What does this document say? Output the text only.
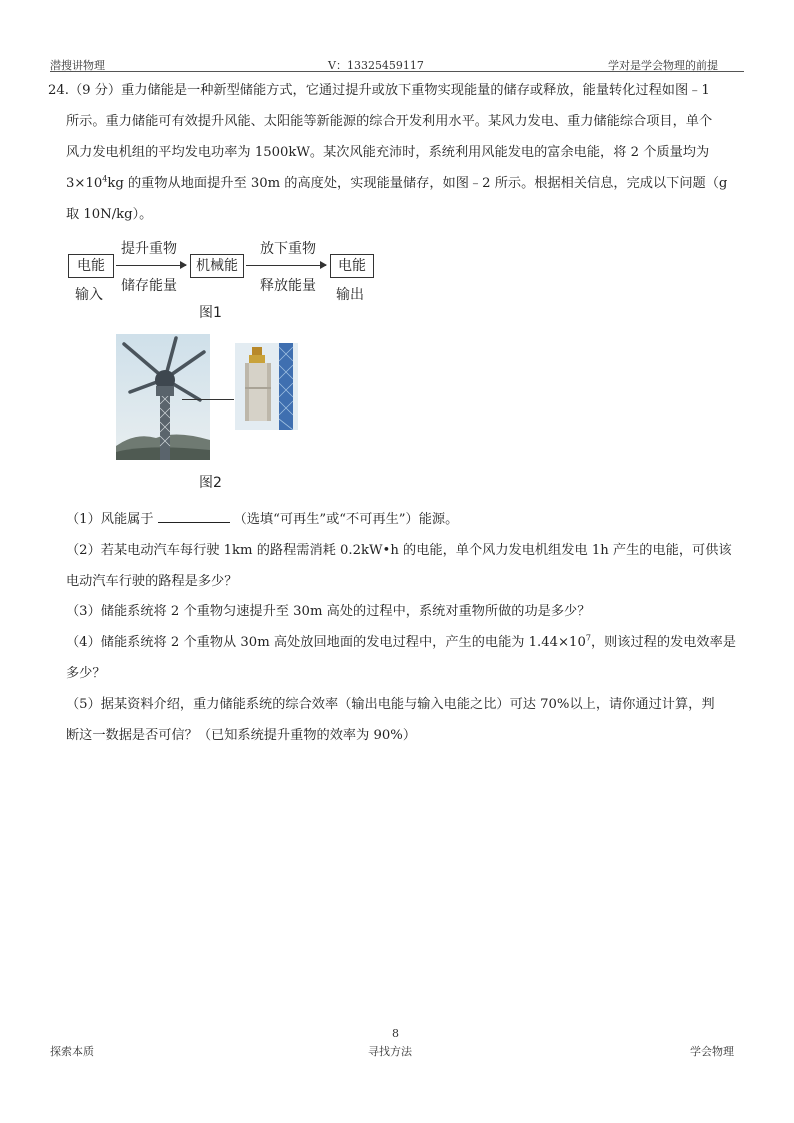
潜搜讲物理	V：13325459117	学对是学会物理的前提
24.（9 分）重力储能是一种新型储能方式，它通过提升或放下重物实现能量的储存或释放，能量转化过程如图﹣1
所示。重力储能可有效提升风能、太阳能等新能源的综合开发利用水平。某风力发电、重力储能综合项目，单个
风力发电机组的平均发电功率为 1500kW。某次风能充沛时，系统利用风能发电的富余电能，将 2 个质量均为
$3\times 10^4kg$ 的重物从地面提升至 30m 的高度处，实现能量储存，如图﹣2 所示。根据相关信息，完成以下问题（g
取 10N/kg）。
电能
输入
提升重物
储存能量
机械能
放下重物
释放能量
电能
输出
图1
图2
（1）风能属于	（选填“可再生”或“不可再生”）能源。
（2）若某电动汽车每行驶 1km 的路程需消耗 0.2kW•h 的电能，单个风力发电机组发电 1h 产生的电能，可供该
电动汽车行驶的路程是多少？
（3）储能系统将 2 个重物匀速提升至 30m 高处的过程中，系统对重物所做的功是多少？
（4）储能系统将 2 个重物从 30m 高处放回地面的发电过程中，产生的电能为 $1.44\times 10^7$，则该过程的发电效率是
多少？
（5）据某资料介绍，重力储能系统的综合效率（输出电能与输入电能之比）可达 70%以上，请你通过计算，判
断这一数据是否可信？（已知系统提升重物的效率为 90%）
8
探索本质	寻找方法	学会物理
